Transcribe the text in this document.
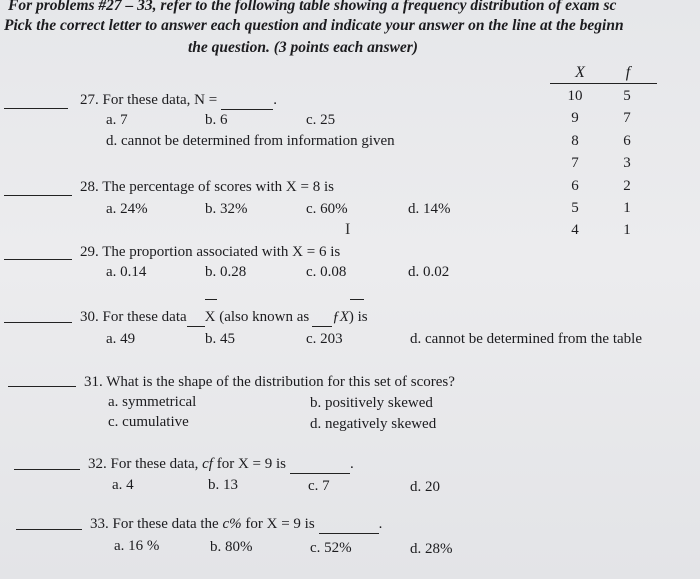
For problems #27 – 33, refer to the following table showing a frequency distribution of exam sc
Pick the correct letter to answer each question and indicate your answer on the line at the beginn
the question. (3 points each answer)
X	f
10	5
9	7
8	6
7	3
6	2
5	1
4	1
27. For these data, N =	.
a. 7	b. 6	c. 25
d. cannot be determined from information given
28. The percentage of scores with X = 8 is
a. 24%	b. 32%	c. 60%	d. 14%
I
29. The proportion associated with X = 6 is
a. 0.14	b. 0.28	c. 0.08	d. 0.02
30. For these data X (also known as ƒX) is
a. 49	b. 45	c. 203	d. cannot be determined from the table
31. What is the shape of the distribution for this set of scores?
a. symmetrical	b. positively skewed
c. cumulative	d. negatively skewed
32. For these data, cf for X = 9 is	.
a. 4	b. 13	c. 7	d. 20
33. For these data the c% for X = 9 is	.
a. 16 %	b. 80%	c. 52%	d. 28%
